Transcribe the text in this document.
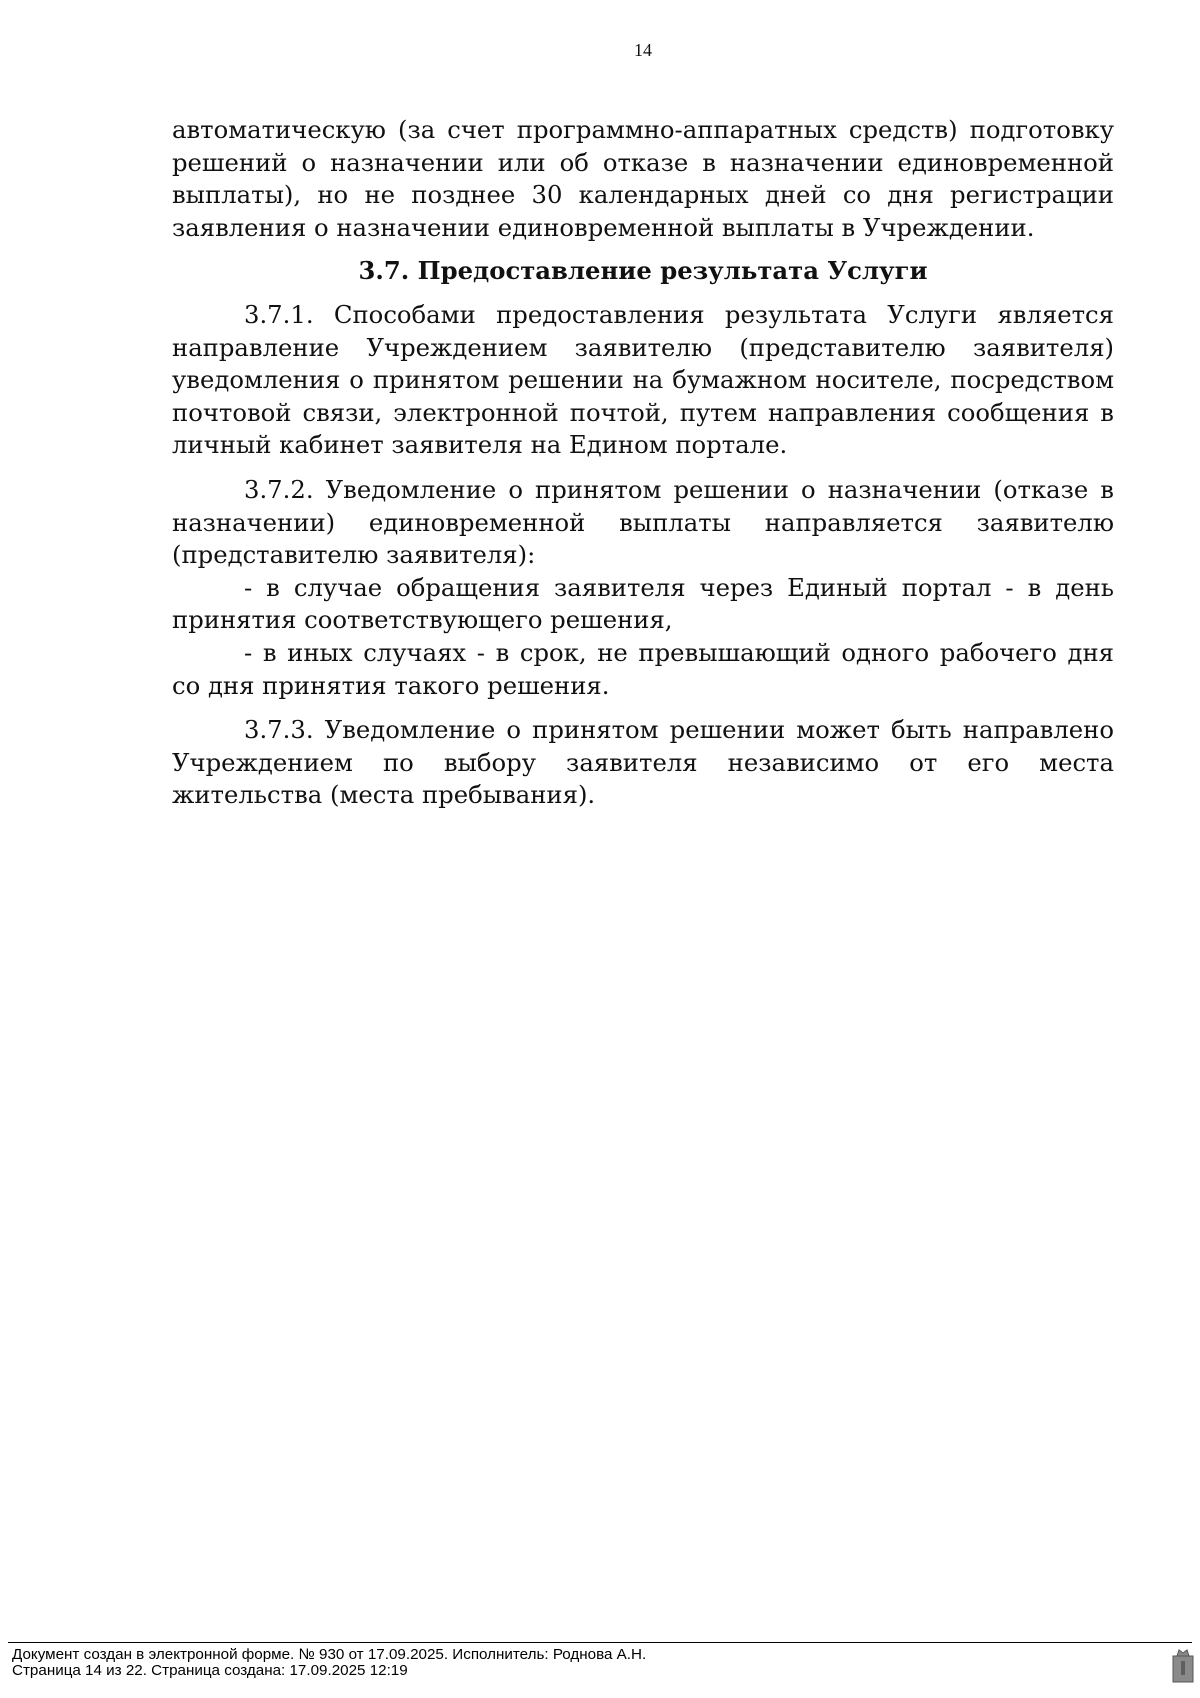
14

автоматическую (за счет программно-аппаратных средств) подготовку решений о назначении или об отказе в назначении единовременной выплаты), но не позднее 30 календарных дней со дня регистрации заявления о назначении единовременной выплаты в Учреждении.

3.7. Предоставление результата Услуги

3.7.1. Способами предоставления результата Услуги является направление Учреждением заявителю (представителю заявителя) уведомления о принятом решении на бумажном носителе, посредством почтовой связи, электронной почтой, путем направления сообщения в личный кабинет заявителя на Едином портале.

3.7.2. Уведомление о принятом решении о назначении (отказе в назначении) единовременной выплаты направляется заявителю (представителю заявителя):

- в случае обращения заявителя через Единый портал - в день принятия соответствующего решения,

- в иных случаях - в срок, не превышающий одного рабочего дня со дня принятия такого решения.

3.7.3. Уведомление о принятом решении может быть направлено Учреждением по выбору заявителя независимо от его места жительства (места пребывания).

Документ создан в электронной форме. № 930 от 17.09.2025. Исполнитель: Роднова А.Н.
Страница 14 из 22. Страница создана: 17.09.2025 12:19
